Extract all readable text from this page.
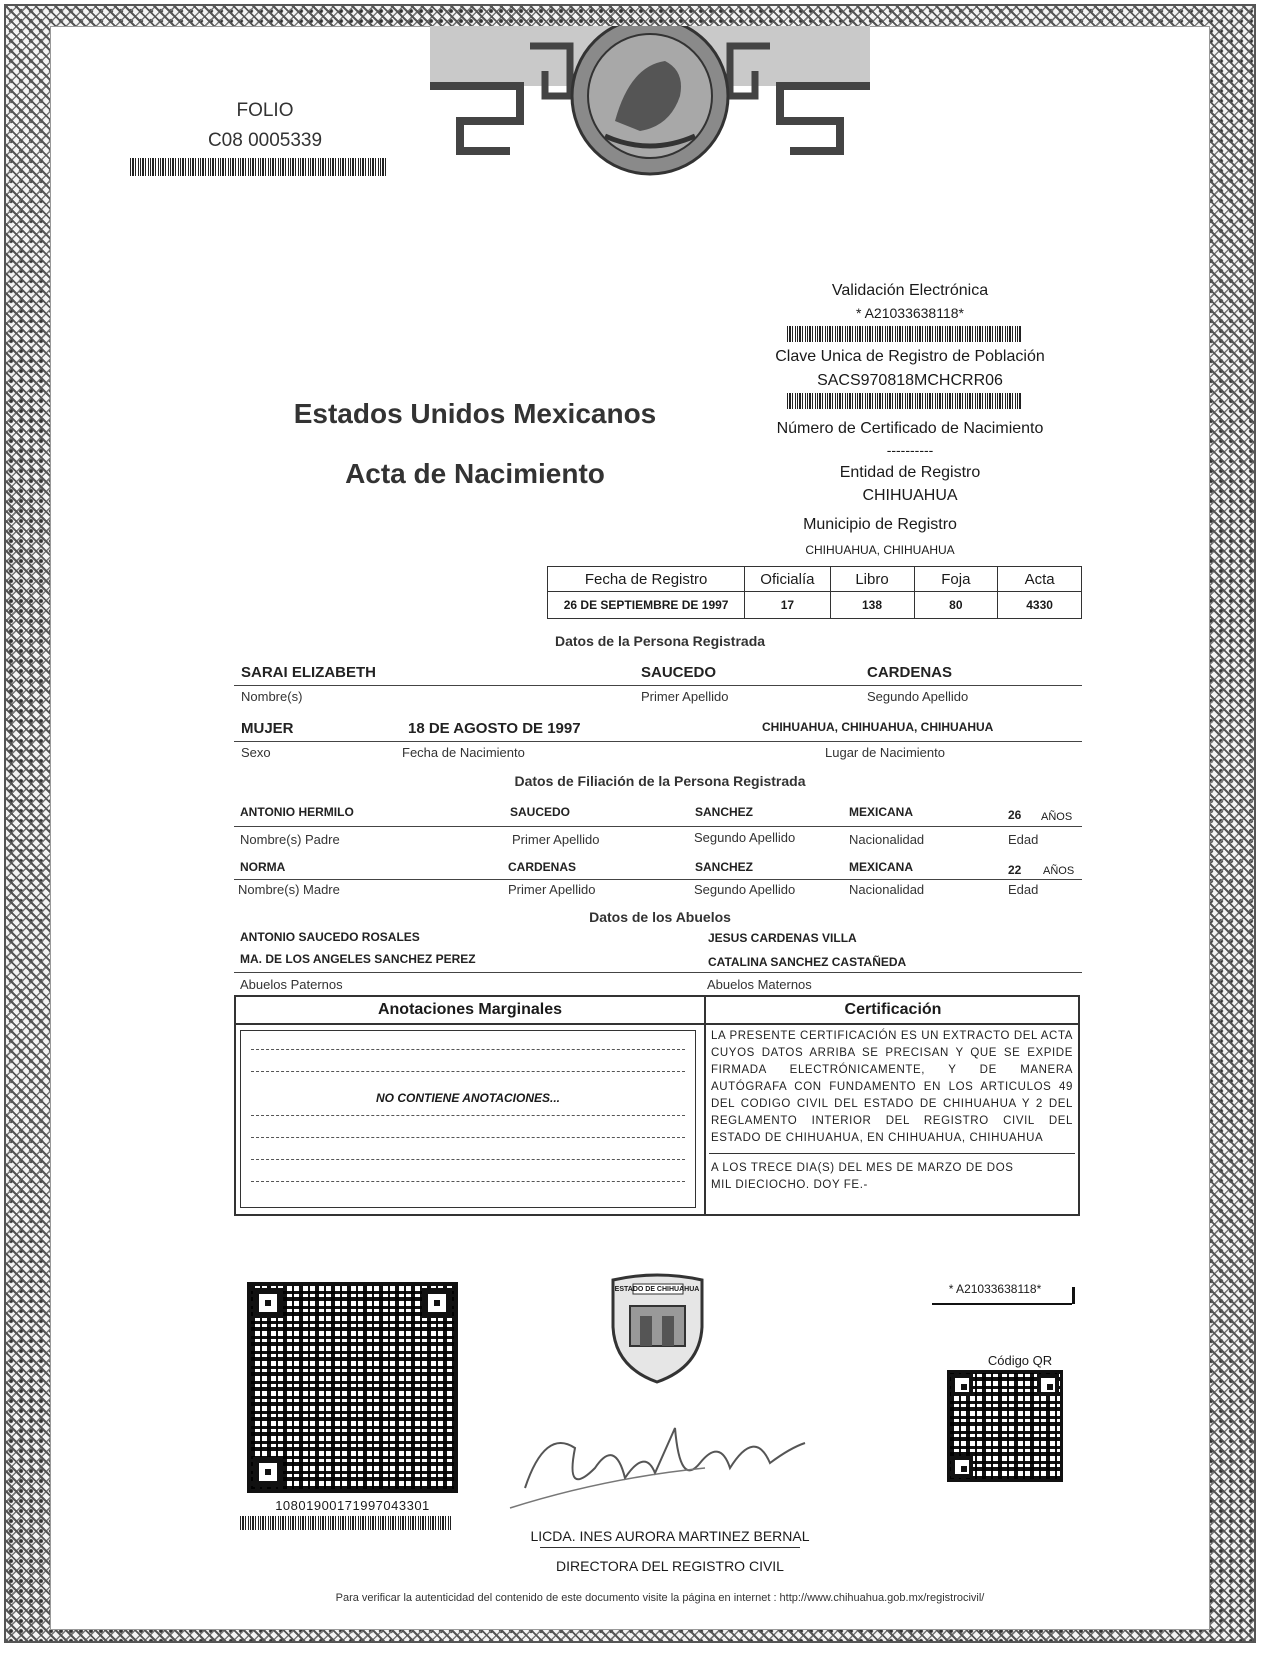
FOLIO
C08 0005339
Estados Unidos Mexicanos
Acta de Nacimiento
Validación Electrónica
* A21033638118*
Clave Unica de Registro de Población
SACS970818MCHCRR06
Número de Certificado de Nacimiento
----------
Entidad de Registro
CHIHUAHUA
Municipio de Registro
CHIHUAHUA, CHIHUAHUA
Fecha de Registro	Oficialía	Libro	Foja	Acta
26 DE SEPTIEMBRE DE 1997	17	138	80	4330
Datos de la Persona Registrada
SARAI ELIZABETH	SAUCEDO	CARDENAS
Nombre(s)	Primer Apellido	Segundo Apellido
MUJER	18 DE AGOSTO DE 1997	CHIHUAHUA, CHIHUAHUA, CHIHUAHUA
Sexo	Fecha de Nacimiento	Lugar de Nacimiento
Datos de Filiación de la Persona Registrada
ANTONIO HERMILO	SAUCEDO	SANCHEZ	MEXICANA	26 AÑOS
Nombre(s) Padre	Primer Apellido	Segundo Apellido	Nacionalidad	Edad
NORMA	CARDENAS	SANCHEZ	MEXICANA	22 AÑOS
Nombre(s) Madre	Primer Apellido	Segundo Apellido	Nacionalidad	Edad
Datos de los Abuelos
ANTONIO SAUCEDO ROSALES	JESUS CARDENAS VILLA
MA. DE LOS ANGELES SANCHEZ PEREZ	CATALINA SANCHEZ CASTAÑEDA
Abuelos Paternos	Abuelos Maternos
Anotaciones Marginales	Certificación
NO CONTIENE ANOTACIONES...
LA PRESENTE CERTIFICACIÓN ES UN EXTRACTO DEL ACTA CUYOS DATOS ARRIBA SE PRECISAN Y QUE SE EXPIDE FIRMADA ELECTRÓNICAMENTE, Y DE MANERA AUTÓGRAFA CON FUNDAMENTO EN LOS ARTICULOS 49 DEL CODIGO CIVIL DEL ESTADO DE CHIHUAHUA Y 2 DEL REGLAMENTO INTERIOR DEL REGISTRO CIVIL DEL ESTADO DE CHIHUAHUA, EN CHIHUAHUA, CHIHUAHUA
A LOS TRECE DIA(S) DEL MES DE MARZO DE DOS MIL DIECIOCHO. DOY FE.-
10801900171997043301
ESTADO DE CHIHUAHUA
Ines Aurora Martinez
LICDA. INES AURORA MARTINEZ BERNAL
DIRECTORA DEL REGISTRO CIVIL
* A21033638118*
Código QR
Para verificar la autenticidad del contenido de este documento visite la página en internet : http://www.chihuahua.gob.mx/registrocivil/
